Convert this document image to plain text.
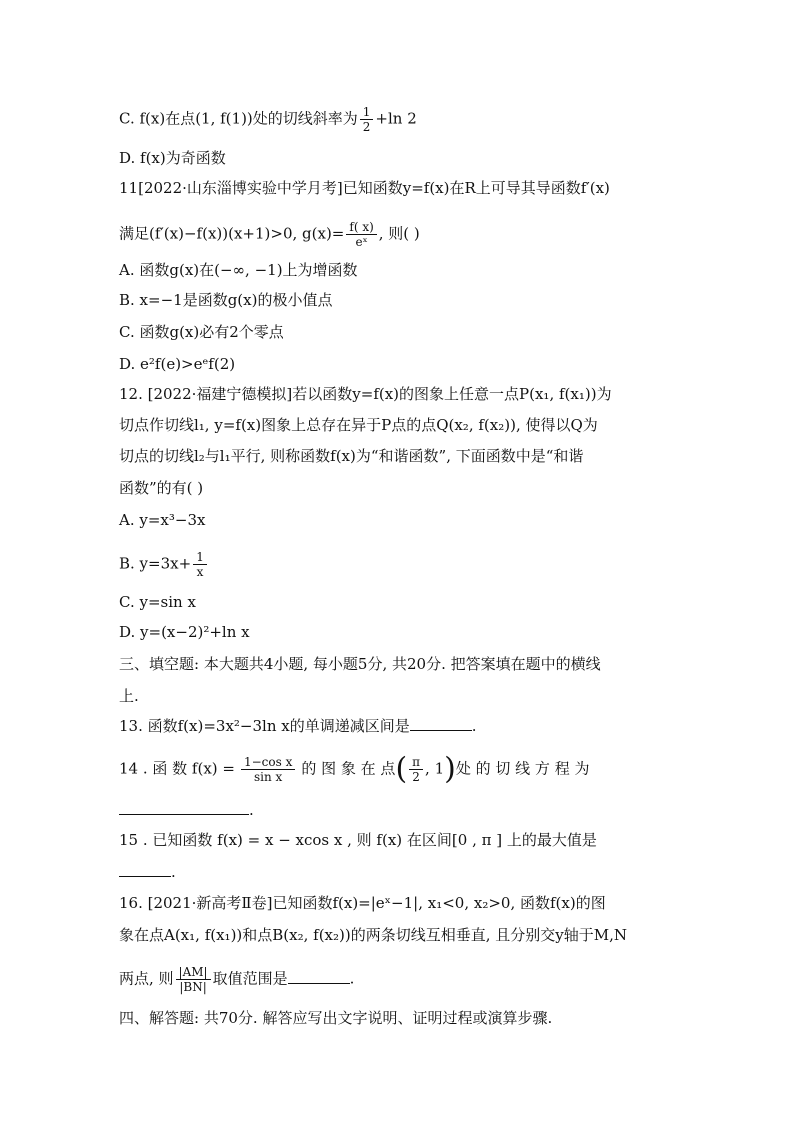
C. f(x)在点(1, f(1))处的切线斜率为 $\frac{1}{2} +\ln$ 2
D. f(x)为奇函数
11[2022·山东淄博实验中学月考]已知函数y=f(x)在R上可导其导函数f′(x)
满足(f′(x)−f(x))(x+1)>0, $g(x)= \frac{f( x)}{\text{eˣ}}$ , 则( )
A. 函数g(x)在(−∞, −1)上为增函数
B. x=−1是函数g(x)的极小值点
C. 函数g(x)必有2个零点
D. e²f(e)>eᵉf(2)
12. [2022·福建宁德模拟]若以函数y=f(x)的图象上任意一点P(x₁, f(x₁))为
切点作切线l₁, y=f(x)图象上总存在异于P点的点Q(x₂, f(x₂)), 使得以Q为
切点的切线l₂与l₁平行, 则称函数f(x)为“和谐函数”, 下面函数中是“和谐
函数”的有( )
A. y=x³−3x
B. $y=3x+ \frac{1}{x}$
C. y=sin x
D. y=(x−2)²+ln x
三、填空题: 本大题共4小题, 每小题5分, 共20分. 把答案填在题中的横线
上.
13. 函数f(x)=3x²−3ln x的单调递减区间是	.
14 . 函 数 $f(x) = \frac{\text{1−cos x}}{\text{sin x}}$ 的 图 象 在 点( $\frac{\pi}{2}$ , 1)处 的 切 线 方 程 为
.
15 . 已知函数 f(x) = x − xcos x , 则 f(x) 在区间[0 , π ] 上的最大值是
.
16. [2021·新高考Ⅱ卷]已知函数f(x)=|eˣ−1|, x₁<0, x₂>0, 函数f(x)的图
象在点A(x₁, f(x₁))和点B(x₂, f(x₂))的两条切线互相垂直, 且分别交y轴于M,N
两点, 则 $\frac{|AM|}{|BN|}$ 取值范围是	.
四、解答题: 共70分. 解答应写出文字说明、证明过程或演算步骤.
